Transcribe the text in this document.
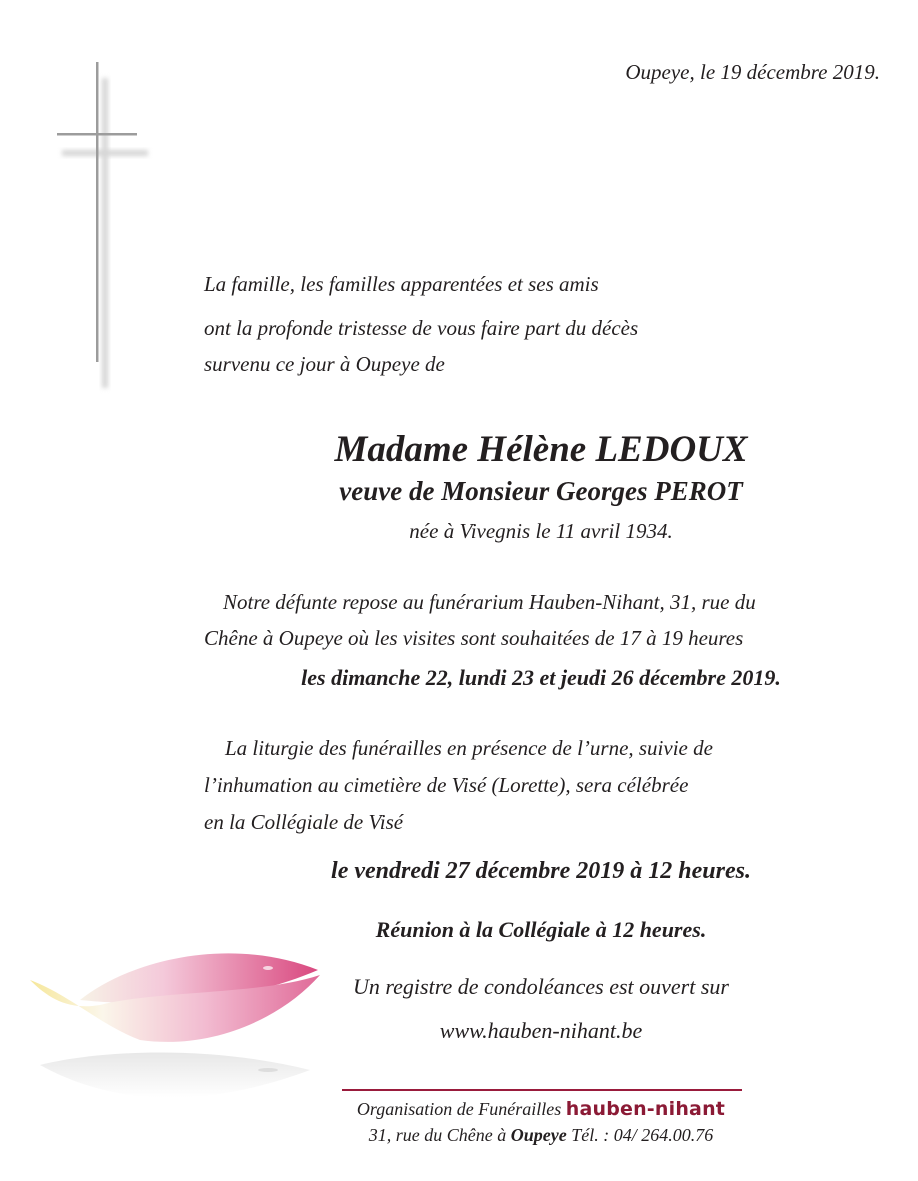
Oupeye, le 19 décembre 2019.
La famille, les familles apparentées et ses amis
ont la profonde tristesse de vous faire part du décès
survenu ce jour à Oupeye de
Madame Hélène LEDOUX
veuve de Monsieur Georges PEROT
née à Vivegnis le 11 avril 1934.
Notre défunte repose au funérarium Hauben-Nihant, 31, rue du
Chêne à Oupeye où les visites sont souhaitées de 17 à 19 heures
les dimanche 22, lundi 23 et jeudi 26 décembre 2019.
La liturgie des funérailles en présence de l’urne, suivie de
l’inhumation au cimetière de Visé (Lorette), sera célébrée
en la Collégiale de Visé
le vendredi 27 décembre 2019 à 12 heures.
Réunion à la Collégiale à 12 heures.
Un registre de condoléances est ouvert sur
www.hauben-nihant.be
Organisation de Funérailles hauben-nihant
31, rue du Chêne à Oupeye Tél. : 04/ 264.00.76
